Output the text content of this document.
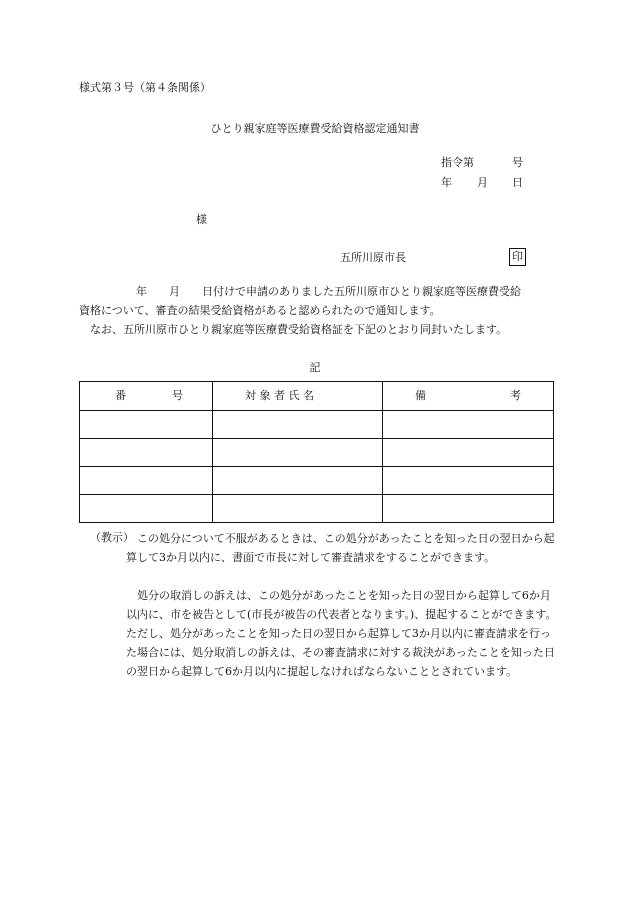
様式第３号（第４条関係）
ひとり親家庭等医療費受給資格認定通知書
指令第	号
年 月 日
様
五所川原市長	印
年　　月　　日付けで申請のありました五所川原市ひとり親家庭等医療費受給
資格について、審査の結果受給資格があると認められたので通知します。
なお、五所川原市ひとり親家庭等医療費受給資格証を下記のとおり同封いたします。
記
番 号	対 象 者 氏 名	備 考

（教示） この処分について不服があるときは、この処分があったことを知った日の翌日から起算して3か月以内に、書面で市長に対して審査請求をすることができます。
処分の取消しの訴えは、この処分があったことを知った日の翌日から起算して6か月以内に、市を被告として(市長が被告の代表者となります。)、提起することができます。ただし、処分があったことを知った日の翌日から起算して3か月以内に審査請求を行った場合には、処分取消しの訴えは、その審査請求に対する裁決があったことを知った日の翌日から起算して6か月以内に提起しなければならないこととされています。
